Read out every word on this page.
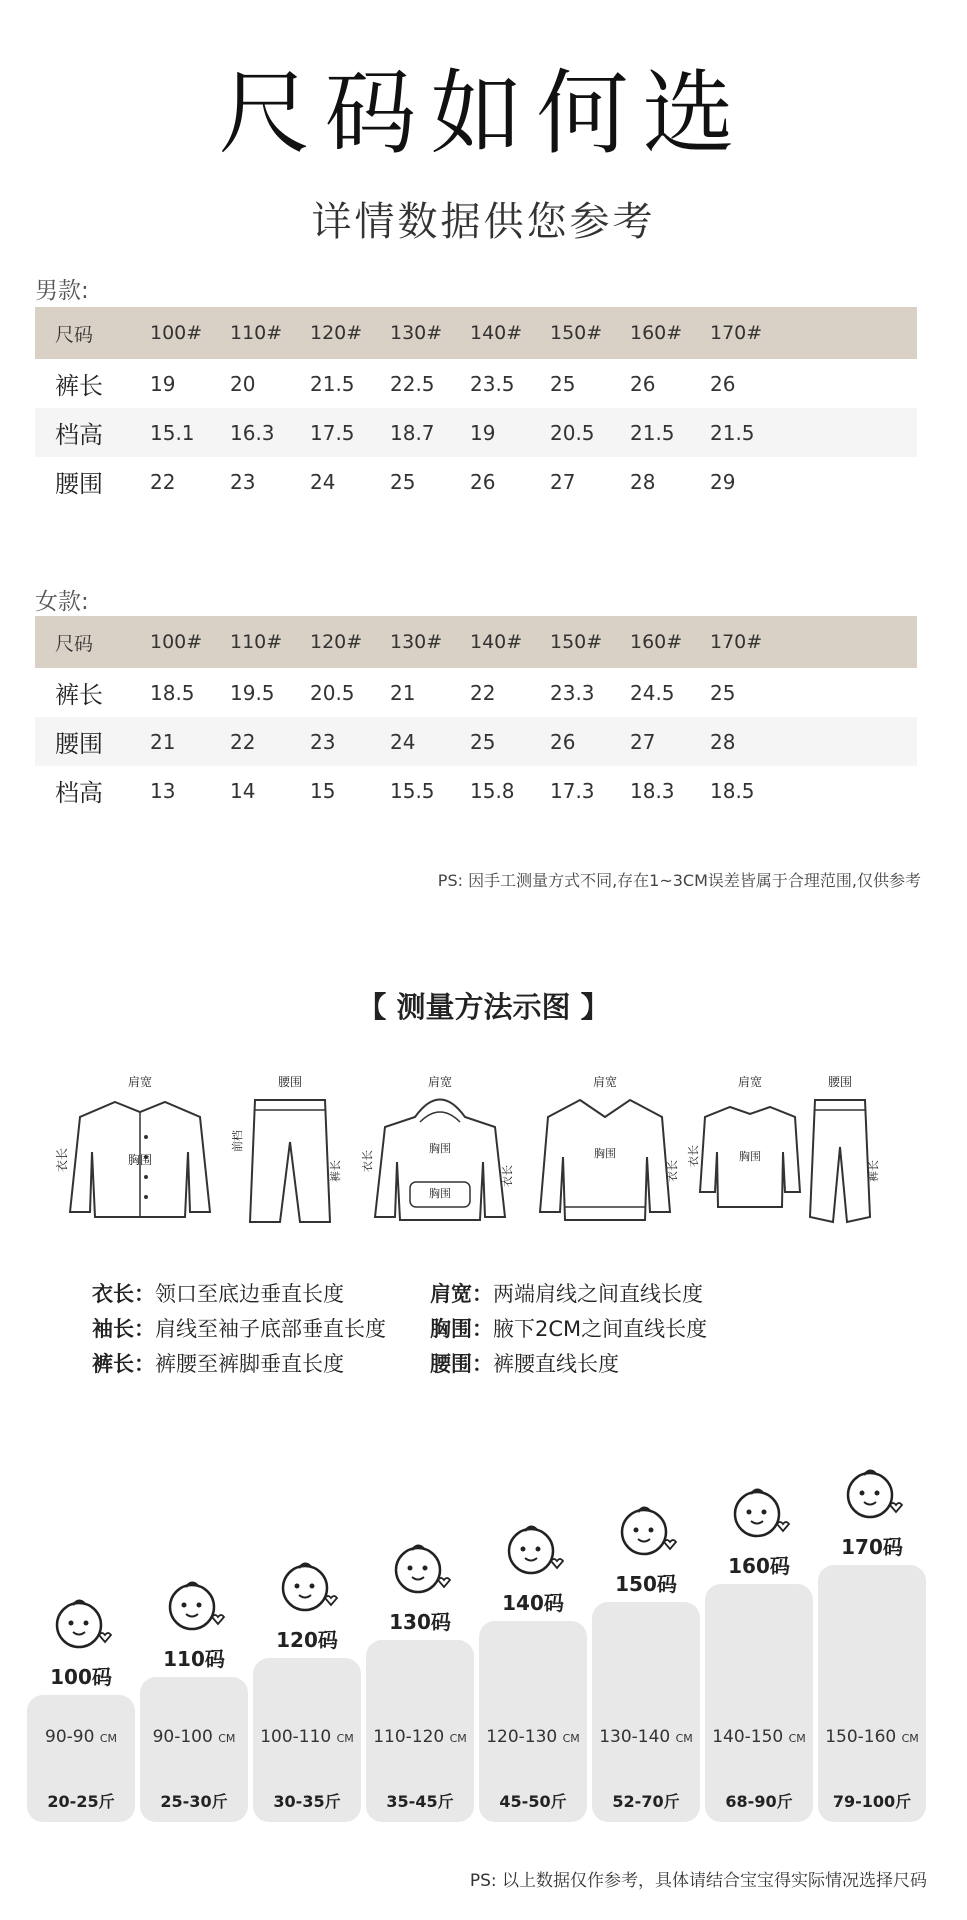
尺码如何选
详情数据供您参考
男款:
尺码	100# 110# 120# 130# 140# 150# 160# 170#
裤长 19	20	21.5 22.5 23.5 25	26	26
档高 15.1 16.3 17.5 18.7 19	20.5 21.5 21.5
腰围 22	23	24	25	26	27	28	29
女款:
尺码	100# 110# 120# 130# 140# 150# 160# 170#
裤长 18.5 19.5 20.5 21	22	23.3 24.5 25
腰围 21	22	23	24	25	26	27	28
档高 13	14	15	15.5 15.8 17.3 18.3 18.5
PS: 因手工测量方式不同,存在1~3CM误差皆属于合理范围,仅供参考
【 测量方法示图 】
肩宽
胸围
衣长
腰围
前档
裤长
肩宽
胸围
胸围
衣长
衣长
肩宽
胸围
衣长
肩宽	腰围
胸围
裤长
衣长
衣长：领口至底边垂直长度	肩宽：两端肩线之间直线长度
袖长：肩线至袖子底部垂直长度 胸围：腋下2CM之间直线长度
裤长：裤腰至裤脚垂直长度	腰围：裤腰直线长度
90-90 CM
20-25斤
100码
90-100 CM
25-30斤
110码
100-110 CM
30-35斤
120码
110-120 CM
35-45斤
130码
120-130 CM
45-50斤
140码
130-140 CM
52-70斤
150码
140-150 CM
68-90斤
160码
150-160 CM
79-100斤
170码
PS: 以上数据仅作参考，具体请结合宝宝得实际情况选择尺码
